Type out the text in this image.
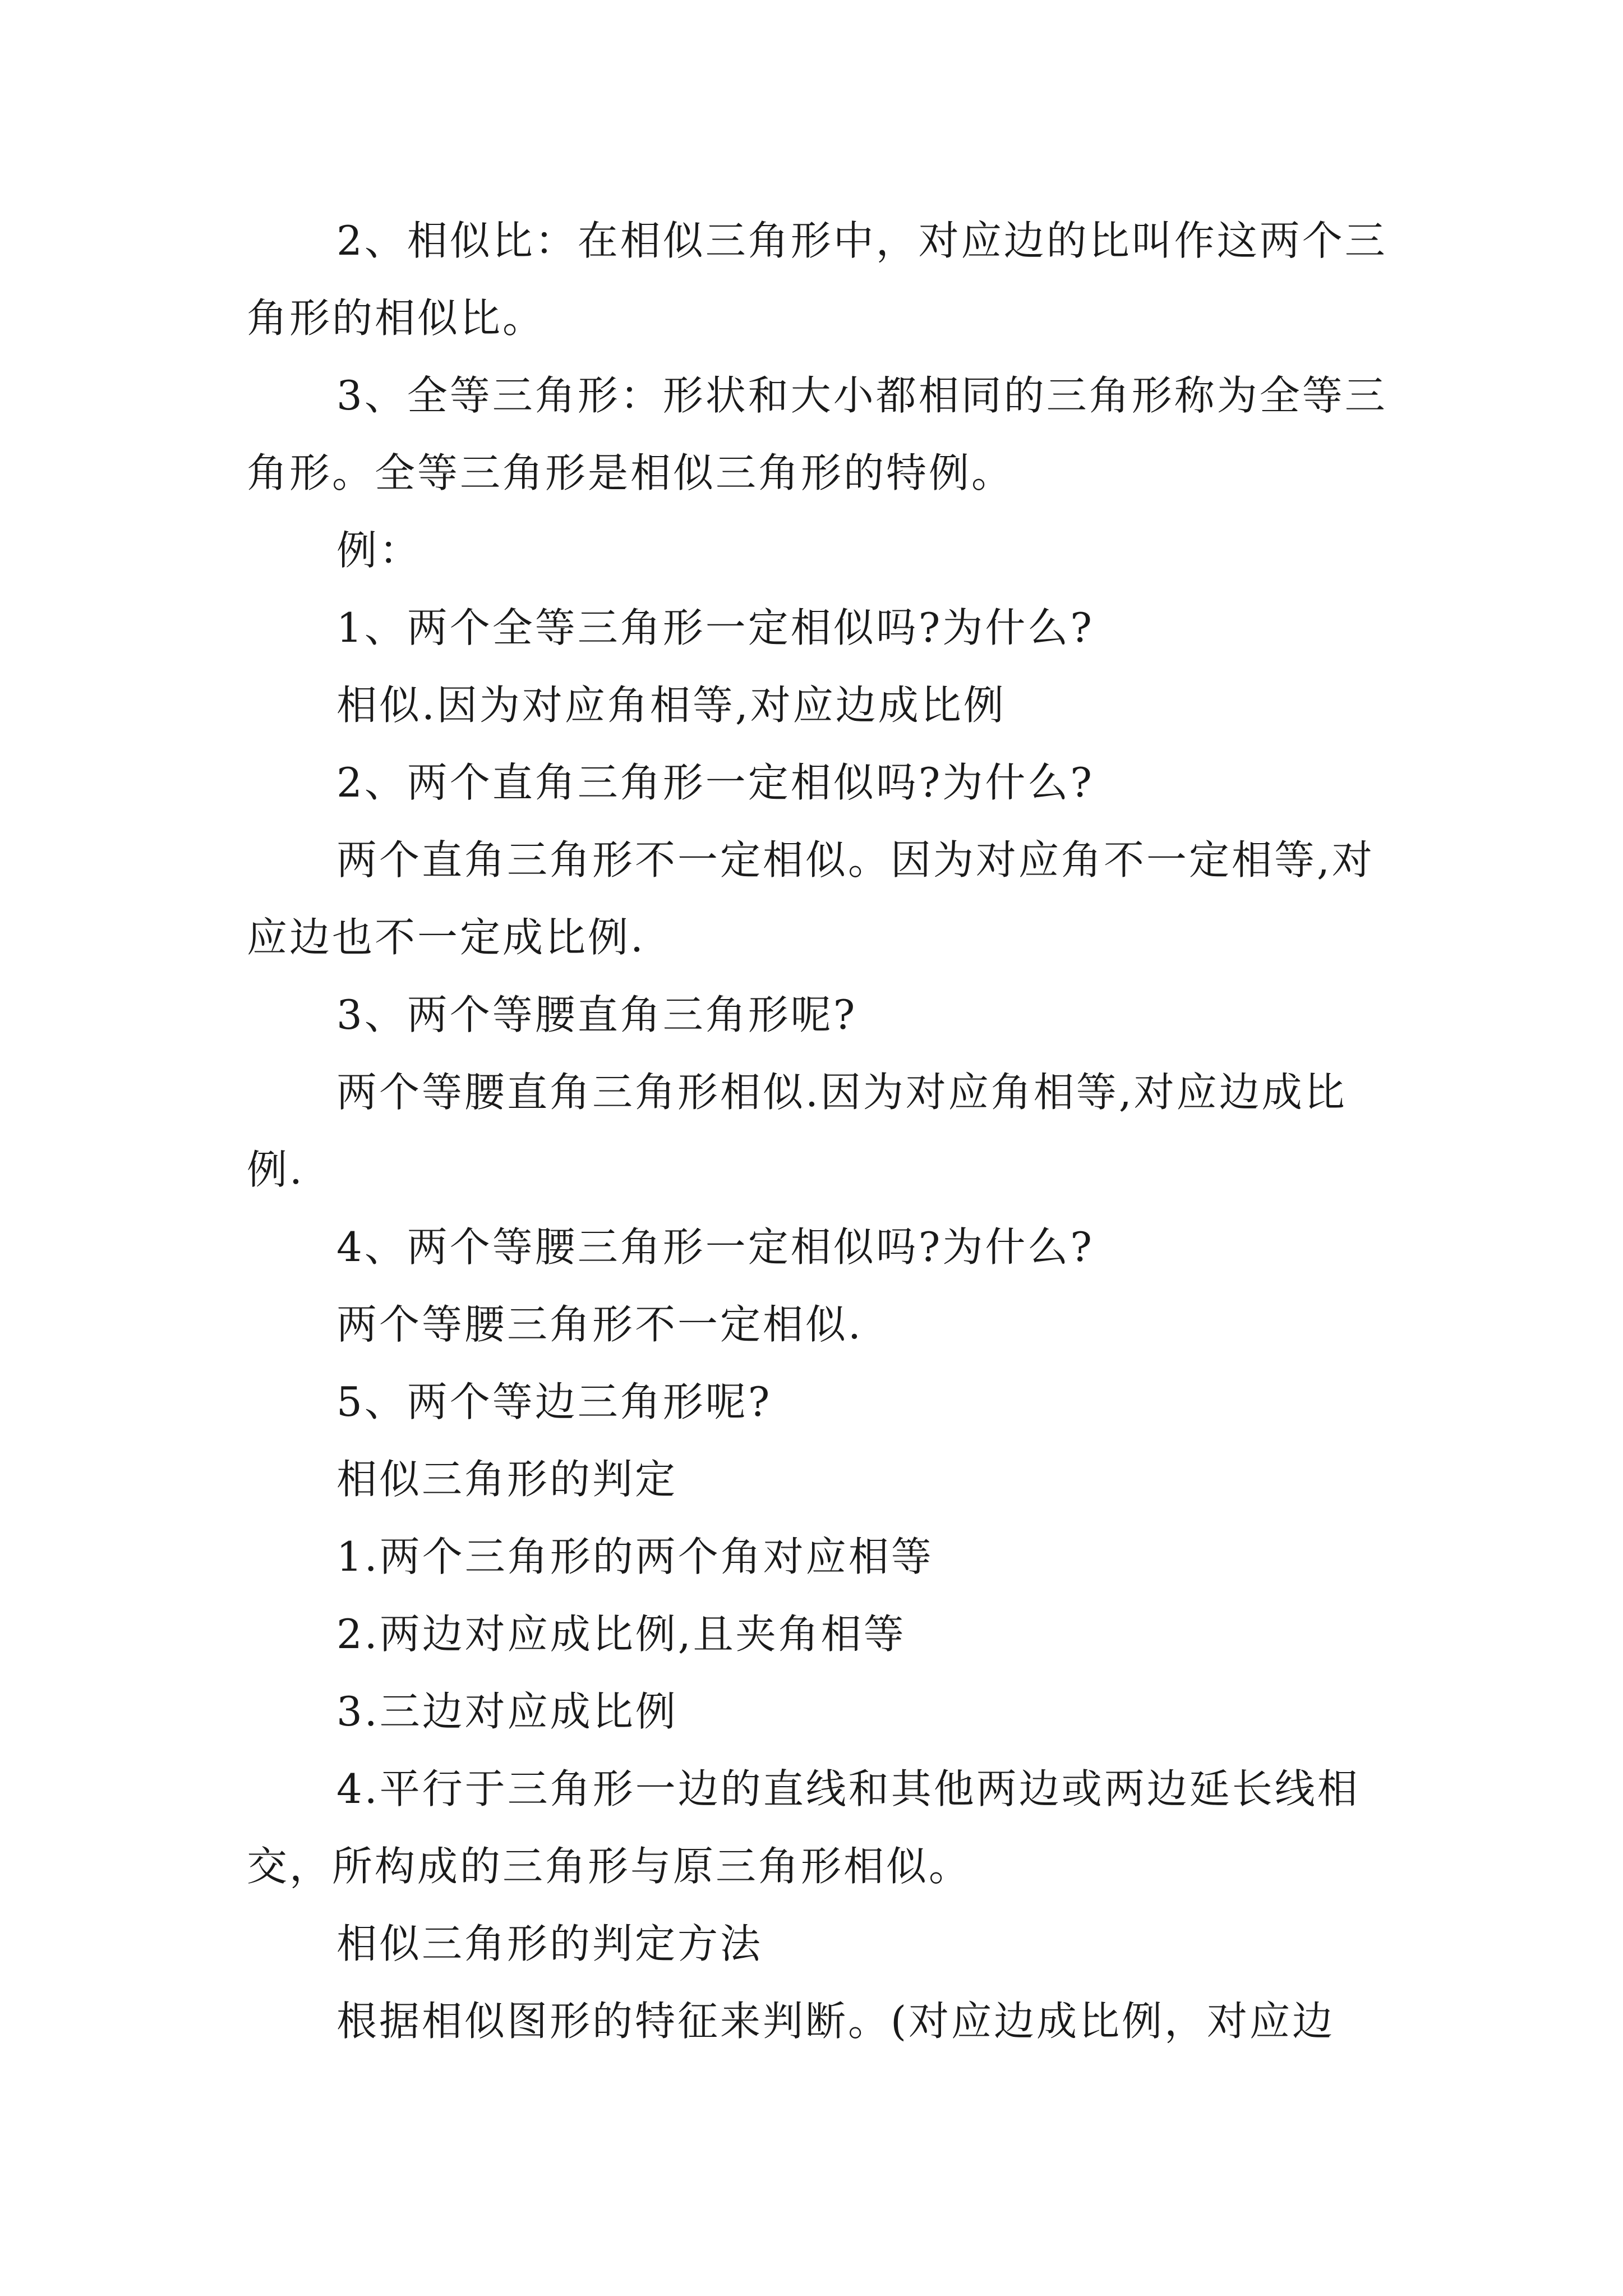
2、相似比：在相似三角形中，对应边的比叫作这两个三角形的相似比。

3、全等三角形：形状和大小都相同的三角形称为全等三角形。全等三角形是相似三角形的特例。

例：

1、两个全等三角形一定相似吗?为什么?

相似.因为对应角相等,对应边成比例

2、两个直角三角形一定相似吗?为什么?

两个直角三角形不一定相似。因为对应角不一定相等,对应边也不一定成比例.

3、两个等腰直角三角形呢?

两个等腰直角三角形相似.因为对应角相等,对应边成比例.

4、两个等腰三角形一定相似吗?为什么?

两个等腰三角形不一定相似.

5、两个等边三角形呢?

相似三角形的判定

1.两个三角形的两个角对应相等

2.两边对应成比例,且夹角相等

3.三边对应成比例

4.平行于三角形一边的直线和其他两边或两边延长线相交，所构成的三角形与原三角形相似。

相似三角形的判定方法

根据相似图形的特征来判断。(对应边成比例，对应边
